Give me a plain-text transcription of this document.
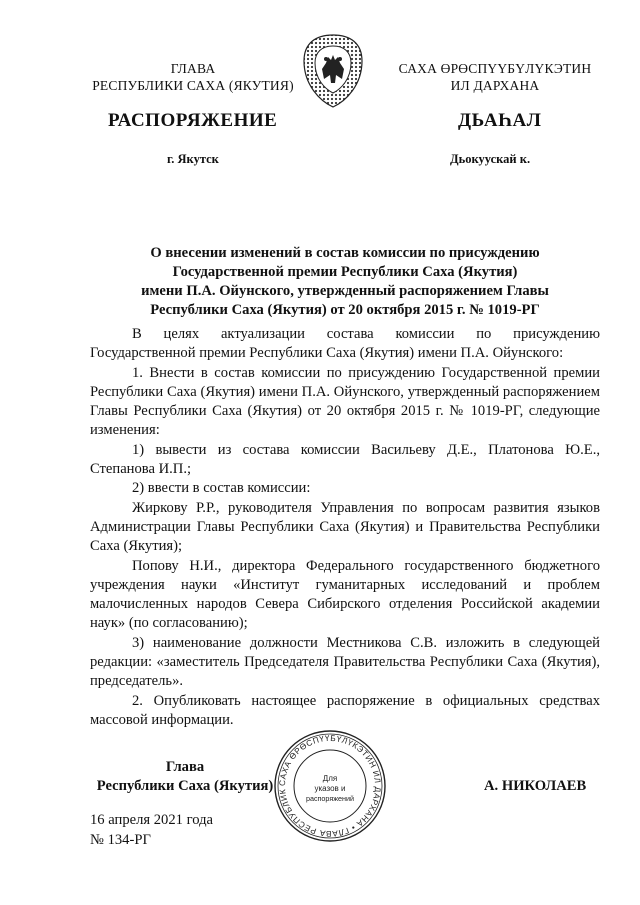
ГЛАВА
РЕСПУБЛИКИ САХА (ЯКУТИЯ)
САХА ӨРӨСПҮҮБҮЛҮКЭТИН
ИЛ ДАРХАНА
РАСПОРЯЖЕНИЕ	ДЬАҺАЛ
г. Якутск	Дьокуускай к.
О внесении изменений в состав комиссии по присуждению
Государственной премии Республики Саха (Якутия)
имени П.А. Ойунского, утвержденный распоряжением Главы
Республики Саха (Якутия) от 20 октября 2015 г. № 1019-РГ

В целях актуализации состава комиссии по присуждению Государственной премии Республики Саха (Якутия) имени П.А. Ойунского:

1. Внести в состав комиссии по присуждению Государственной премии Республики Саха (Якутия) имени П.А. Ойунского, утвержденный распоряжением Главы Республики Саха (Якутия) от 20 октября 2015 г. № 1019-РГ, следующие изменения:

1) вывести из состава комиссии Васильеву Д.Е., Платонова Ю.Е., Степанова И.П.;

2) ввести в состав комиссии:

Жиркову Р.Р., руководителя Управления по вопросам развития языков Администрации Главы Республики Саха (Якутия) и Правительства Республики Саха (Якутия);

Попову Н.И., директора Федерального государственного бюджетного учреждения науки «Институт гуманитарных исследований и проблем малочисленных народов Севера Сибирского отделения Российской академии наук» (по согласованию);

3) наименование должности Местникова С.В. изложить в следующей редакции: «заместитель Председателя Правительства Республики Саха (Якутия), председатель».

2. Опубликовать настоящее распоряжение в официальных средствах массовой информации.

Глава
Республики Саха (Якутия)	А. НИКОЛАЕВ
САХА ӨРӨСПҮҮБҮЛҮКЭТИН ИЛ ДАРХАНА • ГЛАВА РЕСПУБЛИК
Для
указов и
распоряжений
16 апреля 2021 года
№ 134-РГ
